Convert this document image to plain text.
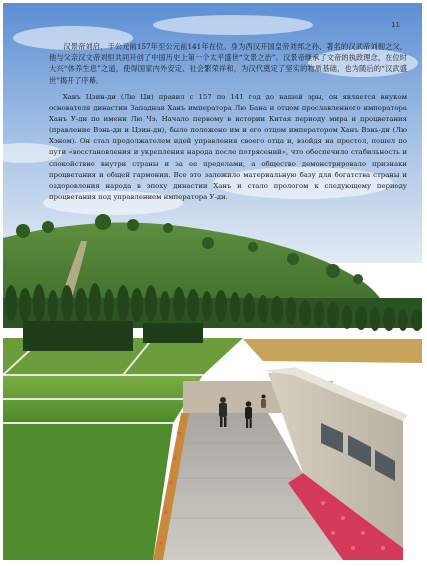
11

汉景帝刘启，于公元前157年至公元前141年在位。身为西汉开国皇帝刘邦之孙、著名的汉武帝刘彻之父，他与父亲汉文帝刘恒共同开创了中国历史上第一个太平盛世“文景之治”。汉景帝继承了文帝的执政理念，在位时大兴“休养生息”之道，使得国家内外安定、社会繁荣祥和，为汉代奠定了坚实的物质基础，也为随后的“汉武盛世”揭开了序幕。

Ханъ Цзин-ди (Лю Ци) правил с 157 по 141 год до нашей эры, он является внуком основателя династии Западная Ханъ императора Лю Бана и отцом прославленного императора Ханъ У-ди по имени Лю Чэ. Начало первому в истории Китая периоду мира и процветания (правление Вэнь-ди и Цзин-ди), было положено им и его отцом императором Ханъ Вэнь-ди (Лю Хэном). Он стал продолжателем идей управления своего отца и, взойдя на престол, пошел по пути «восстановления и укрепления народа после потрясений», что обеспечило стабильность и спокойствие внутри страны и за ее пределами, а общество демонстрировало признаки процветания и общей гармонии. Все это заложило материальную базу для богатства страны и оздоровления народа в эпоху династии Ханъ и стало прологом к следующему периоду процветания под управлением императора У-ди.
